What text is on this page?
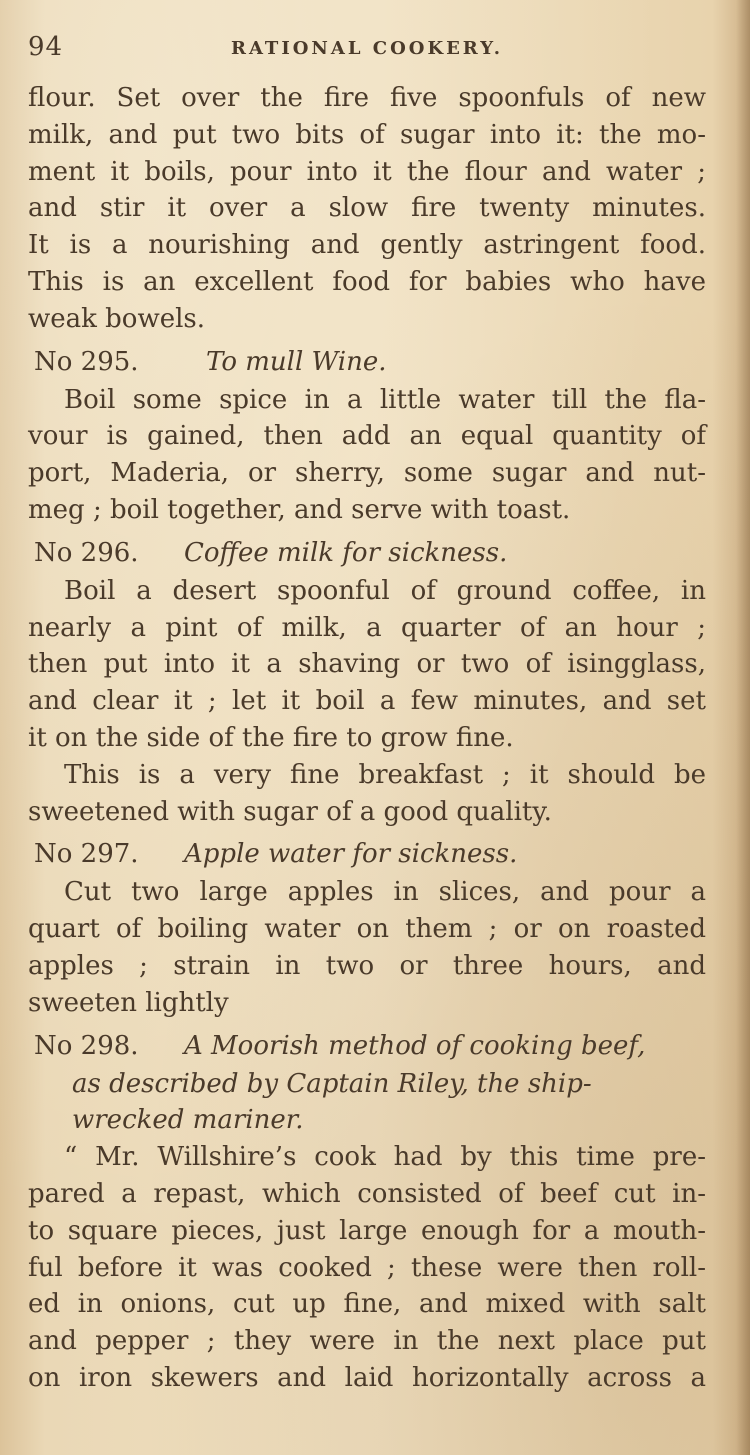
94	RATIONAL COOKERY.
flour. Set over the fire five spoonfuls of new
milk, and put two bits of sugar into it: the mo-
ment it boils, pour into it the flour and water ;
and stir it over a slow fire twenty minutes.
It is a nourishing and gently astringent food.
This is an excellent food for babies who have
weak bowels.
No 295.	To mull Wine.
Boil some spice in a little water till the fla-
vour is gained, then add an equal quantity of
port, Maderia, or sherry, some sugar and nut-
meg ; boil together, and serve with toast.
No 296. Coffee milk for sickness.
Boil a desert spoonful of ground coffee, in
nearly a pint of milk, a quarter of an hour ;
then put into it a shaving or two of isingglass,
and clear it ; let it boil a few minutes, and set
it on the side of the fire to grow fine.
This is a very fine breakfast ; it should be
sweetened with sugar of a good quality.
No 297. Apple water for sickness.
Cut two large apples in slices, and pour a
quart of boiling water on them ; or on roasted
apples ; strain in two or three hours, and
sweeten lightly
No 298. A Moorish method of cooking beef,
as described by Captain Riley, the ship-
wrecked mariner.
“ Mr. Willshire’s cook had by this time pre-
pared a repast, which consisted of beef cut in-
to square pieces, just large enough for a mouth-
ful before it was cooked ; these were then roll-
ed in onions, cut up fine, and mixed with salt
and pepper ; they were in the next place put
on iron skewers and laid horizontally across a
